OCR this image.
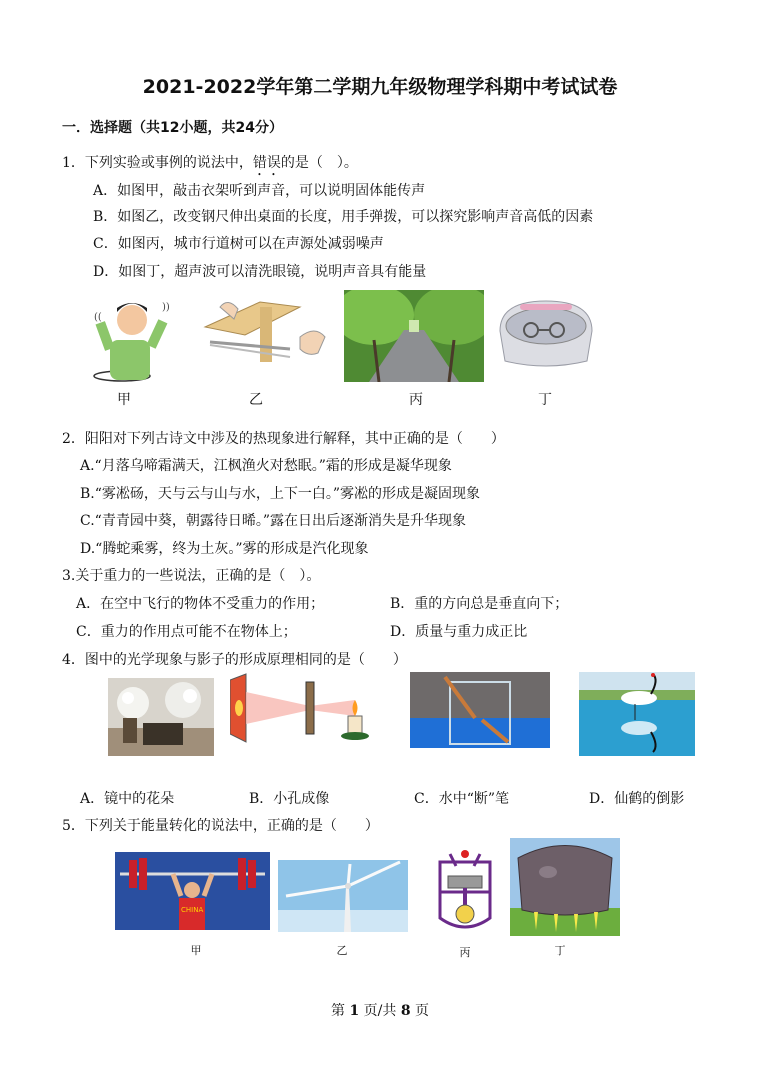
2021-2022学年第二学期九年级物理学科期中考试试卷
一．选择题（共12小题，共24分）
1．下列实验或事例的说法中，错误的是（　）。
A．如图甲，敲击衣架听到声音，可以说明固体能传声
B．如图乙，改变钢尺伸出桌面的长度，用手弹拨，可以探究影响声音高低的因素
C．如图丙，城市行道树可以在声源处减弱噪声
D．如图丁，超声波可以清洗眼镜，说明声音具有能量
))
((
甲	乙	丙	丁
2．阳阳对下列古诗文中涉及的热现象进行解释，其中正确的是（　　）
A.“月落乌啼霜满天，江枫渔火对愁眠。”霜的形成是凝华现象
B.“雾凇砀，天与云与山与水，上下一白。”雾凇的形成是凝固现象
C.“青青园中葵，朝露待日晞。”露在日出后逐渐消失是升华现象
D.“腾蛇乘雾，终为土灰。”雾的形成是汽化现象
3.关于重力的一些说法，正确的是（　）。
A．在空中飞行的物体不受重力的作用；	B．重的方向总是垂直向下；
C．重力的作用点可能不在物体上；	D．质量与重力成正比
4．图中的光学现象与影子的形成原理相同的是（　　）
A．镜中的花朵	B．小孔成像	C．水中“断”笔	D．仙鹤的倒影
5．下列关于能量转化的说法中，正确的是（　　）
CHINA
甲	乙	丙	丁
第 1 页/共 8 页
